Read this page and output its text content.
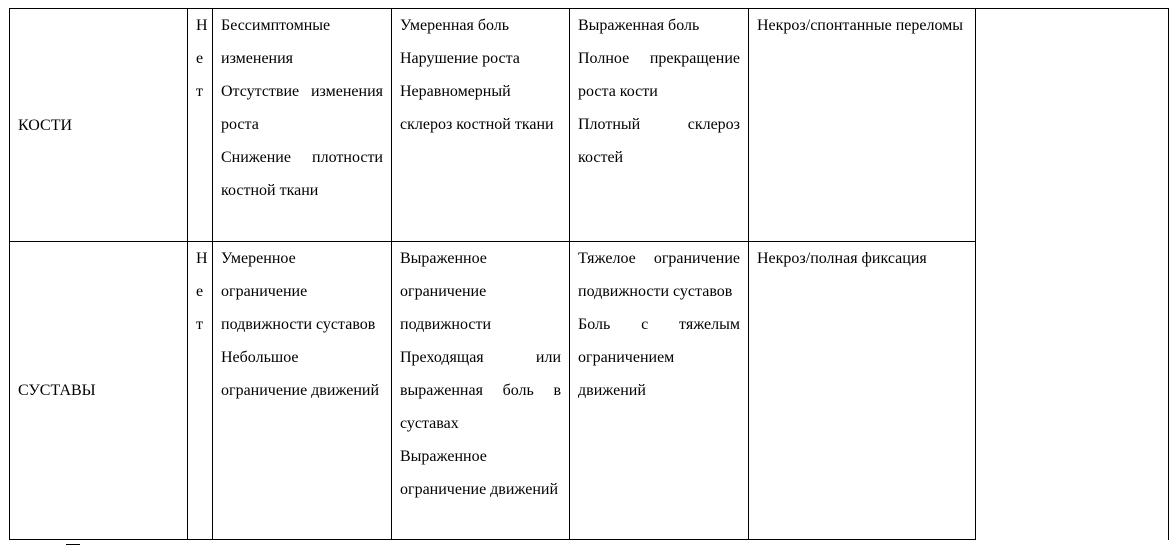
КОСТИ	Н
е
т	Бессимптомные изменения
Отсутствие изменения роста
Снижение плотности костной ткани	Умеренная боль
Нарушение роста
Неравномерный склероз костной ткани	Выраженная боль
Полное прекращение роста кости
Плотный склероз костей	Некроз/спонтанные переломы	

СУСТАВЫ	Н
е
т	Умеренное ограничение подвижности суставов
Небольшое ограничение движений	Выраженное ограничение подвижности
Преходящая или выраженная боль в суставах
Выраженное ограничение движений	Тяжелое ограничение подвижности суставов
Боль с тяжелым ограничением движений	Некроз/полная фиксация	
